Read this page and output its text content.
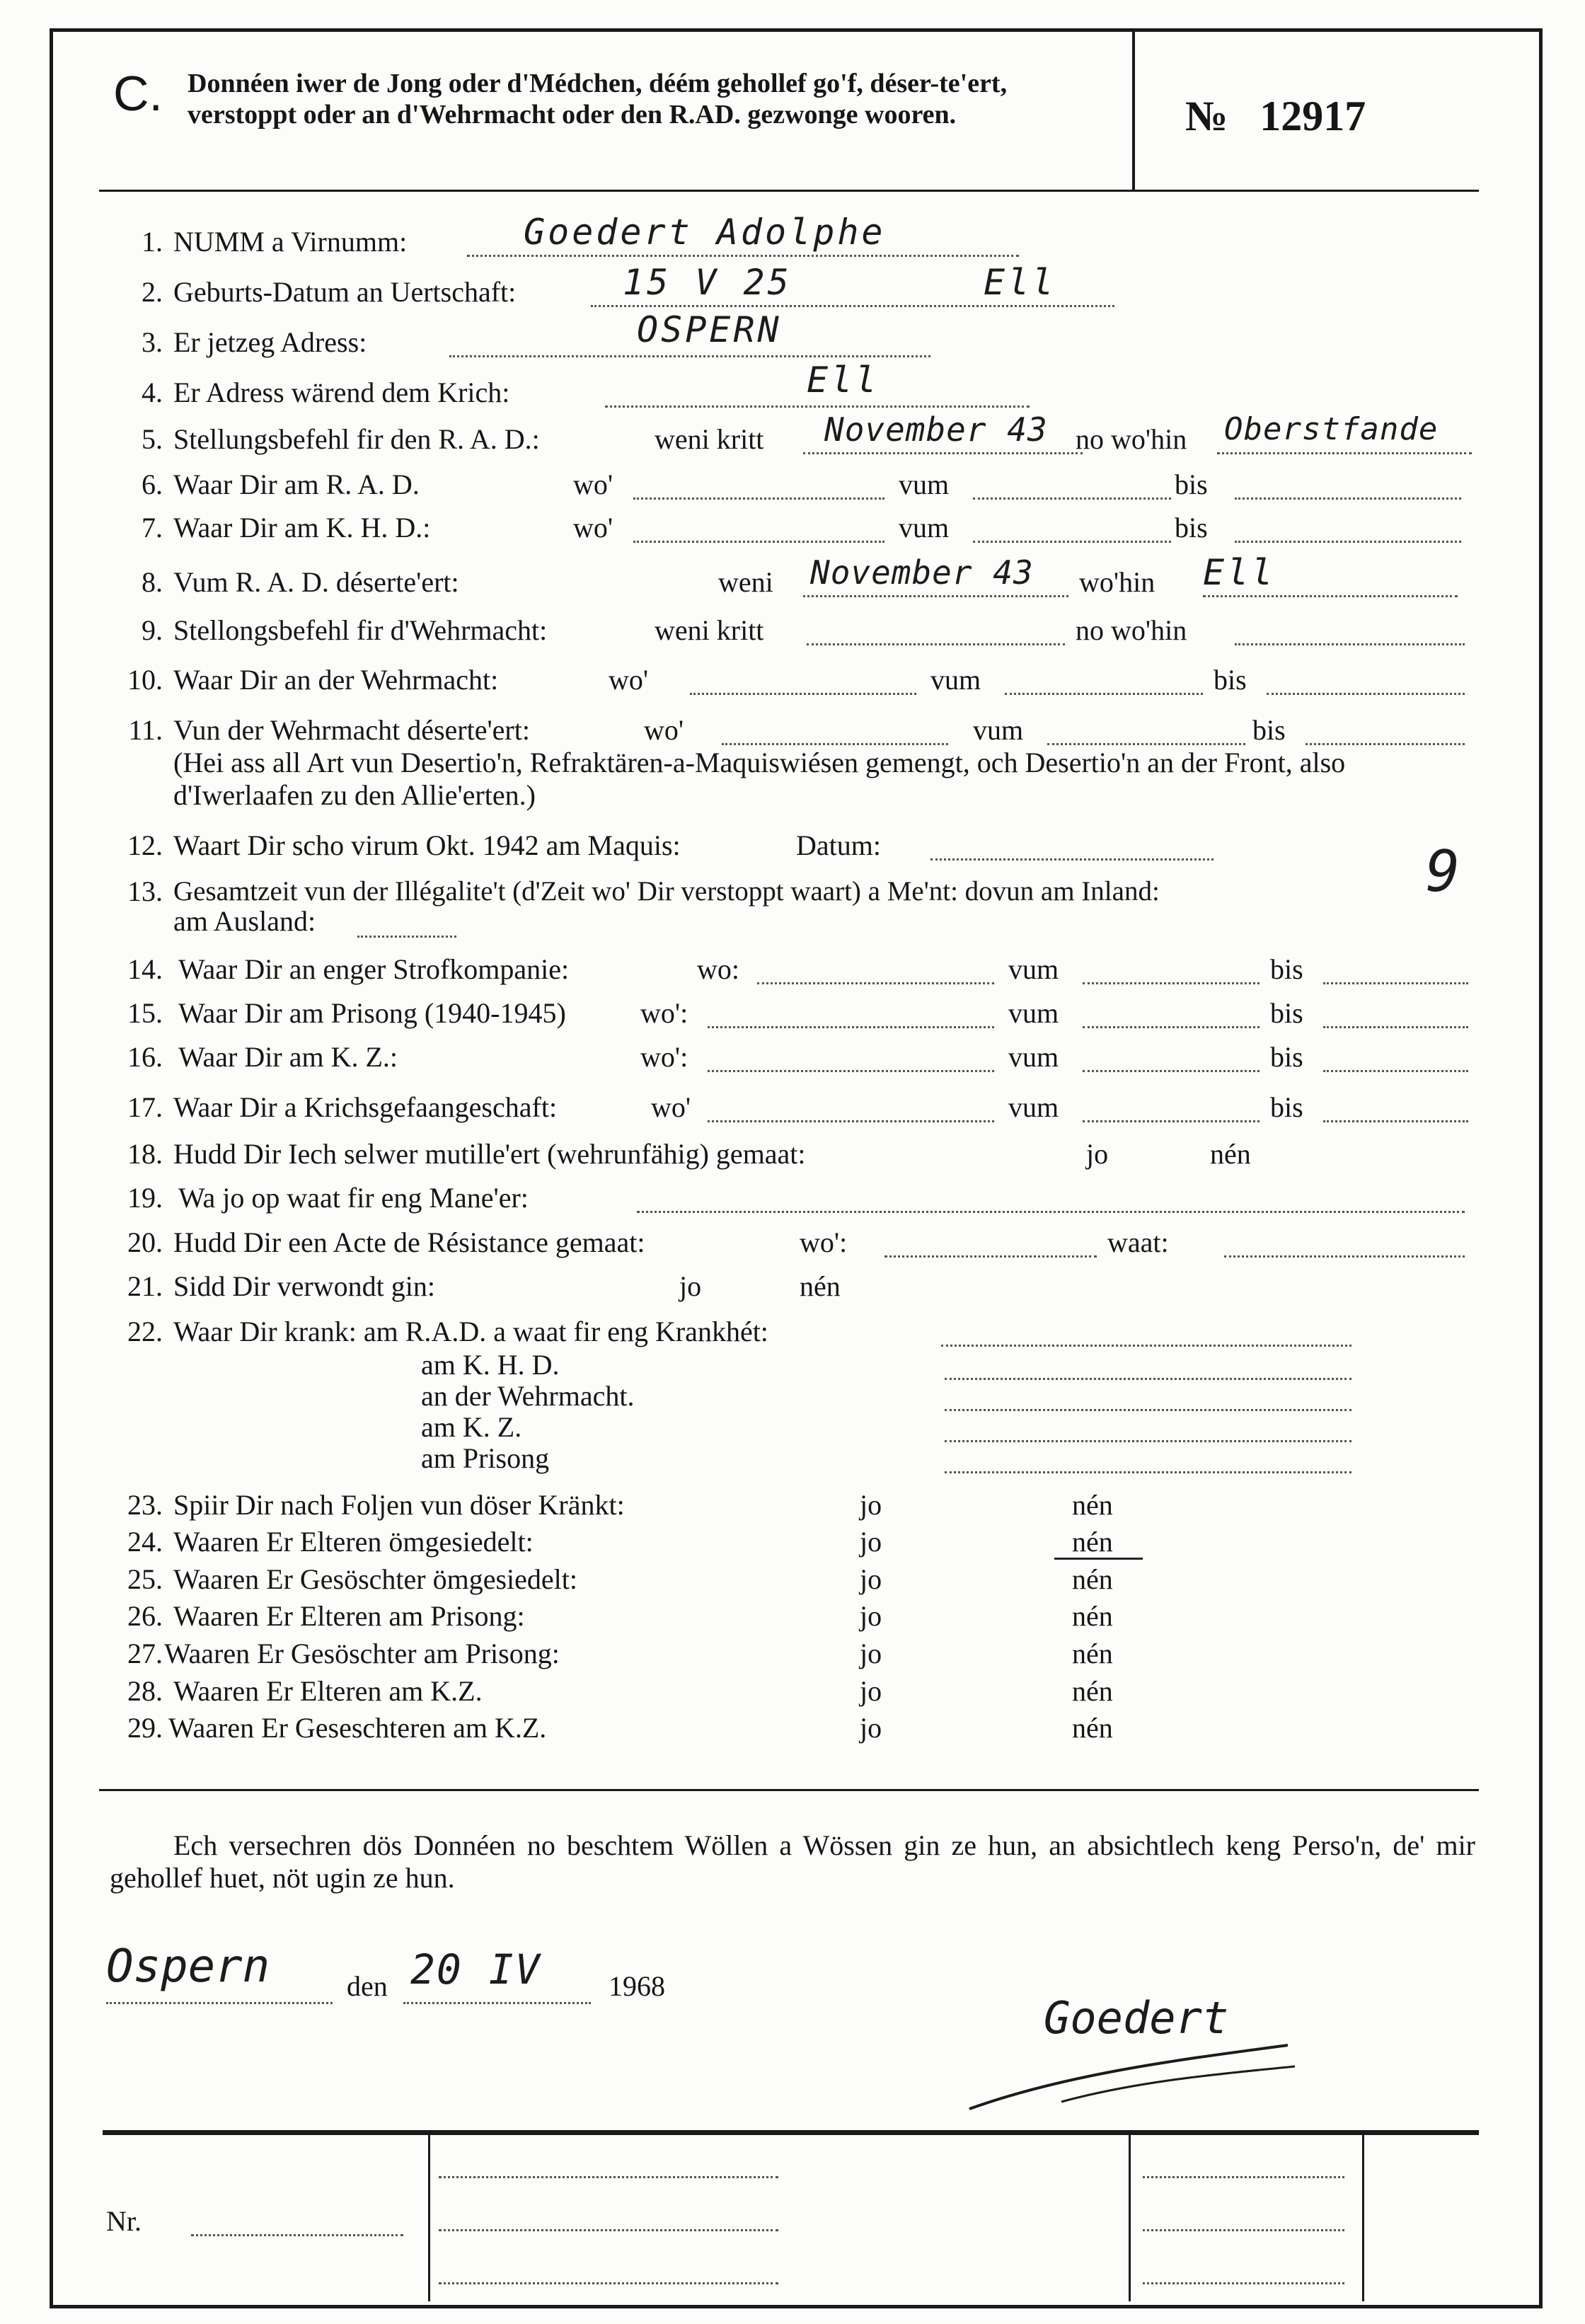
C. Donnéen iwer de Jong oder d'Médchen, déém gehollef go'f, déser-te'ert, verstoppt oder an d'Wehrmacht oder den R.AD. gezwonge wooren.	№ 12917
1. NUMM a Virnumm:	Goedert Adolphe
2. Geburts-Datum an Uertschaft:	15 V 25	Ell
3. Er jetzeg Adress:	OSPERN
4. Er Adress wärend dem Krich:	Ell
5. Stellungsbefehl fir den R. A. D.:	weni kritt November 43 no wo'hin Oberstfande
6. Waar Dir am R. A. D.	wo'	vum	bis
7. Waar Dir am K. H. D.:	wo'	vum	bis
8. Vum R. A. D. déserte'ert:	weni November 43 wo'hin Ell
9. Stellongsbefehl fir d'Wehrmacht:	weni kritt	no wo'hin
10. Waar Dir an der Wehrmacht:	wo'	vum	bis
11. Vun der Wehrmacht déserte'ert:	wo'	vum	bis
(Hei ass all Art vun Desertio'n, Refraktären-a-Maquiswiésen gemengt, och Desertio'n an der Front, also d'Iwerlaafen zu den Allie'erten.)
12. Waart Dir scho virum Okt. 1942 am Maquis:	Datum:
13. Gesamtzeit vun der Illégalite't (d'Zeit wo' Dir verstoppt waart) a Me'nt: dovun am Inland:	9
am Ausland:
14. Waar Dir an enger Strofkompanie:	wo:	vum	bis
15. Waar Dir am Prisong (1940-1945)	wo':	vum	bis
16. Waar Dir am K. Z.:	wo':	vum	bis
17. Waar Dir a Krichsgefaangeschaft:	wo'	vum	bis
18. Hudd Dir Iech selwer mutille'ert (wehrunfähig) gemaat:	jo	nén
19. Wa jo op waat fir eng Mane'er:
20. Hudd Dir een Acte de Résistance gemaat:	wo':	waat:
21. Sidd Dir verwondt gin:	jo	nén
22. Waar Dir krank: am R.A.D. a waat fir eng Krankhét:
am K. H. D.
an der Wehrmacht.
am K. Z.
am Prisong
23. Spiir Dir nach Foljen vun döser Kränkt:	jo	nén
24. Waaren Er Elteren ömgesiedelt:	jo	nén
25. Waaren Er Gesöschter ömgesiedelt:	jo	nén
26. Waaren Er Elteren am Prisong:	jo	nén
27. Waaren Er Gesöschter am Prisong:	jo	nén
28. Waaren Er Elteren am K.Z.	jo	nén
29. Waaren Er Geseschteren am K.Z.	jo	nén
Ech versechren dös Donnéen no beschtem Wöllen a Wössen gin ze hun, an absichtlech keng Perso'n, de' mir gehollef huet, nöt ugin ze hun.
Ospern	den 20 IV 1968
Goedert
Nr.
